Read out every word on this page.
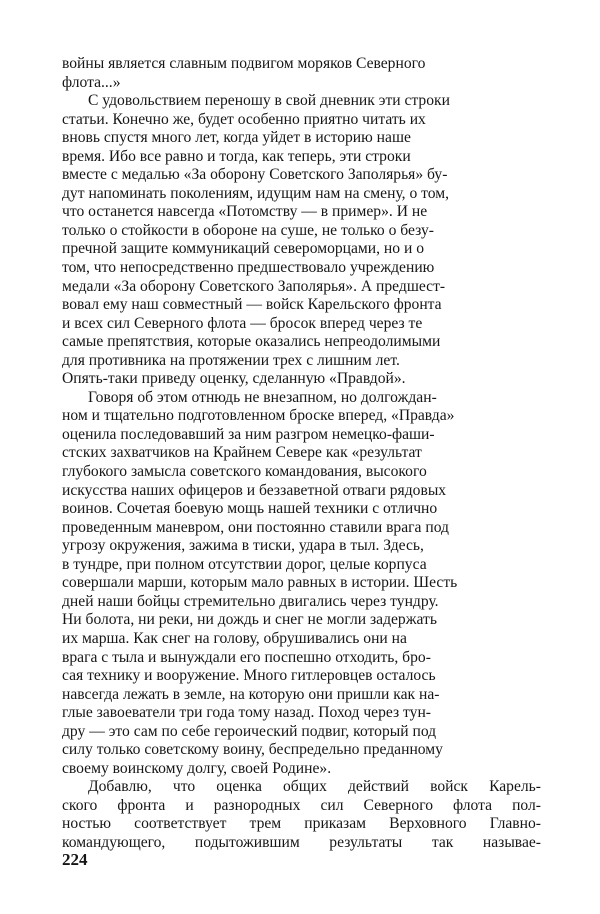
войны является славным подвигом моряков Северного
флота...»

С удовольствием переношу в свой дневник эти строки
статьи. Конечно же, будет особенно приятно читать их
вновь спустя много лет, когда уйдет в историю наше
время. Ибо все равно и тогда, как теперь, эти строки
вместе с медалью «За оборону Советского Заполярья» бу-
дут напоминать поколениям, идущим нам на смену, о том,
что останется навсегда «Потомству — в пример». И не
только о стойкости в обороне на суше, не только о безу-
пречной защите коммуникаций североморцами, но и о
том, что непосредственно предшествовало учреждению
медали «За оборону Советского Заполярья». А предшест-
вовал ему наш совместный — войск Карельского фронта
и всех сил Северного флота — бросок вперед через те
самые препятствия, которые оказались непреодолимыми
для противника на протяжении трех с лишним лет.
Опять-таки приведу оценку, сделанную «Правдой».

Говоря об этом отнюдь не внезапном, но долгождан-
ном и тщательно подготовленном броске вперед, «Правда»
оценила последовавший за ним разгром немецко-фаши-
стских захватчиков на Крайнем Севере как «результат
глубокого замысла советского командования, высокого
искусства наших офицеров и беззаветной отваги рядовых
воинов. Сочетая боевую мощь нашей техники с отлично
проведенным маневром, они постоянно ставили врага под
угрозу окружения, зажима в тиски, удара в тыл. Здесь,
в тундре, при полном отсутствии дорог, целые корпуса
совершали марши, которым мало равных в истории. Шесть
дней наши бойцы стремительно двигались через тундру.
Ни болота, ни реки, ни дождь и снег не могли задержать
их марша. Как снег на голову, обрушивались они на
врага с тыла и вынуждали его поспешно отходить, бро-
сая технику и вооружение. Много гитлеровцев осталось
навсегда лежать в земле, на которую они пришли как на-
глые завоеватели три года тому назад. Поход через тун-
дру — это сам по себе героический подвиг, который под
силу только советскому воину, беспредельно преданному
своему воинскому долгу, своей Родине».

Добавлю, что оценка общих действий войск Карель-
ского фронта и разнородных сил Северного флота пол-
ностью соответствует трем приказам Верховного Главно-
командующего, подытожившим результаты так называе-

224
